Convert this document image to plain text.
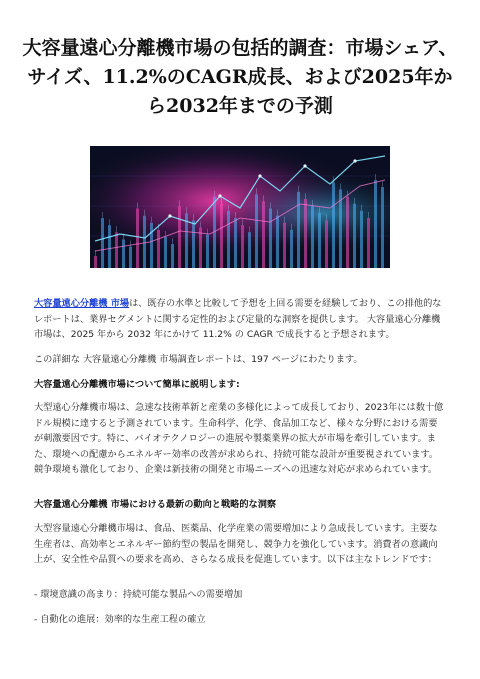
大容量遠心分離機市場の包括的調査：市場シェア、サイズ、11.2%のCAGR成長、および2025年から2032年までの予測

大容量遠心分離機 市場は、既存の水準と比較して予想を上回る需要を経験しており、この排他的なレポートは、業界セグメントに関する定性的および定量的な洞察を提供します。 大容量遠心分離機 市場は、2025 年から 2032 年にかけて 11.2% の CAGR で成長すると予想されます。

この詳細な 大容量遠心分離機 市場調査レポートは、197 ページにわたります。

大容量遠心分離機市場について簡単に説明します:

大型遠心分離機市場は、急速な技術革新と産業の多様化によって成長しており、2023年には数十億ドル規模に達すると予測されています。生命科学、化学、食品加工など、様々な分野における需要が刺激要因です。特に、バイオテクノロジーの進展や製薬業界の拡大が市場を牽引しています。また、環境への配慮からエネルギー効率の改善が求められ、持続可能な設計が重要視されています。競争環境も激化しており、企業は新技術の開発と市場ニーズへの迅速な対応が求められています。

大容量遠心分離機 市場における最新の動向と戦略的な洞察

大型容量遠心分離機市場は、食品、医薬品、化学産業の需要増加により急成長しています。主要な生産者は、高効率とエネルギー節約型の製品を開発し、競争力を強化しています。消費者の意識向上が、安全性や品質への要求を高め、さらなる成長を促進しています。以下は主なトレンドです：

- 環境意識の高まり：持続可能な製品への需要増加

- 自動化の進展：効率的な生産工程の確立
